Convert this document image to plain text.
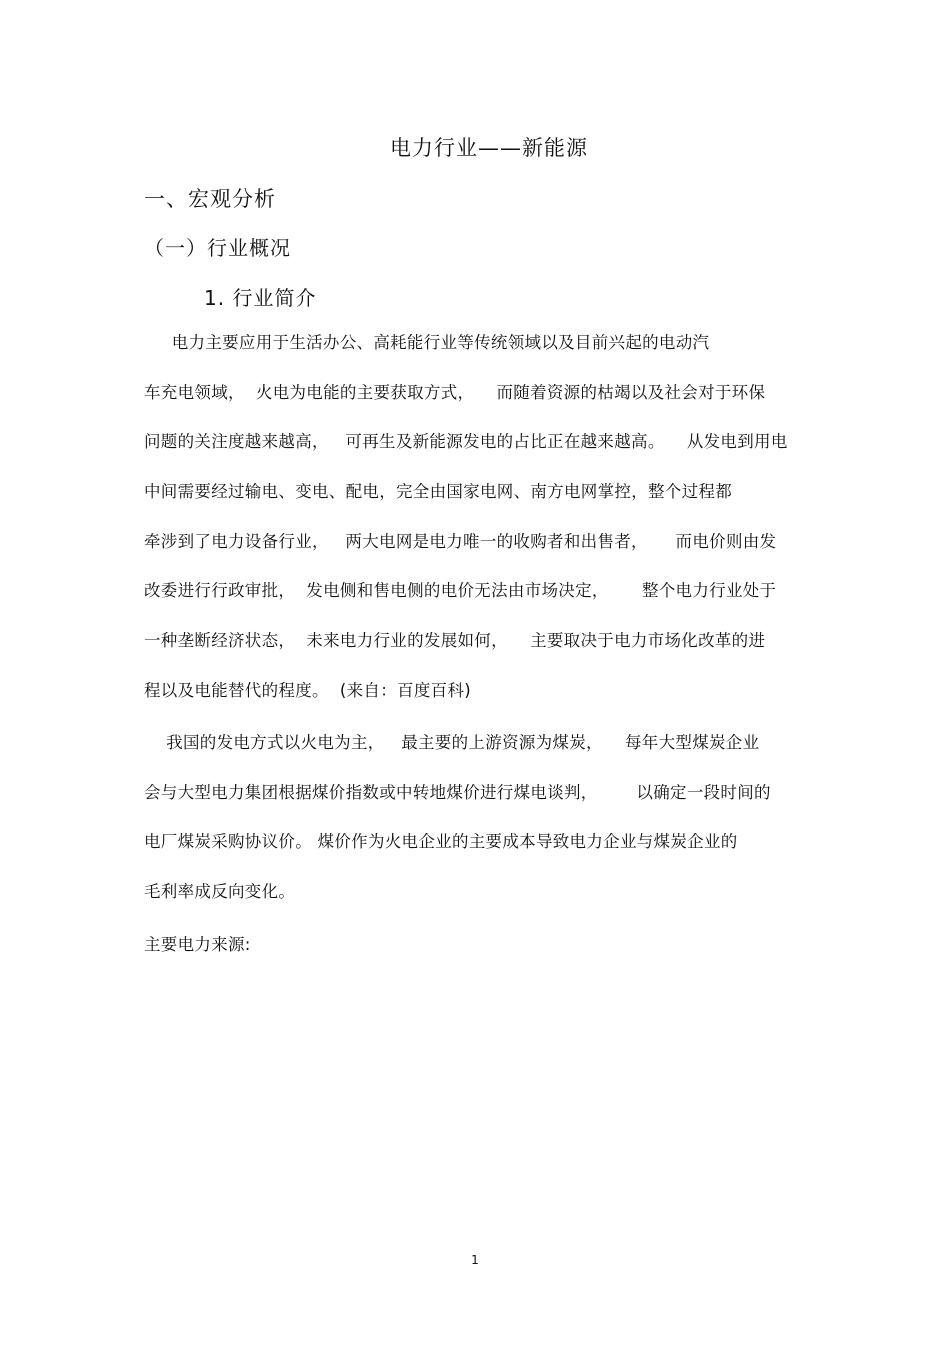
电力行业——新能源
一、宏观分析
（一）行业概况
1. 行业简介
电力主要应用于生活办公、高耗能行业等传统领域以及目前兴起的电动汽
车充电领域，  火电为电能的主要获取方式，    而随着资源的枯竭以及社会对于环保
问题的关注度越来越高，   可再生及新能源发电的占比正在越来越高。    从发电到用电
中间需要经过输电、变电、配电，完全由国家电网、南方电网掌控，整个过程都
牵涉到了电力设备行业，   两大电网是电力唯一的收购者和出售者，     而电价则由发
改委进行行政审批，  发电侧和售电侧的电价无法由市场决定，      整个电力行业处于
一种垄断经济状态，  未来电力行业的发展如何，    主要取决于电力市场化改革的进
程以及电能替代的程度。  (来自：百度百科)
我国的发电方式以火电为主，   最主要的上游资源为煤炭，    每年大型煤炭企业
会与大型电力集团根据煤价指数或中转地煤价进行煤电谈判，       以确定一段时间的
电厂煤炭采购协议价。 煤价作为火电企业的主要成本导致电力企业与煤炭企业的
毛利率成反向变化。
主要电力来源:
1
